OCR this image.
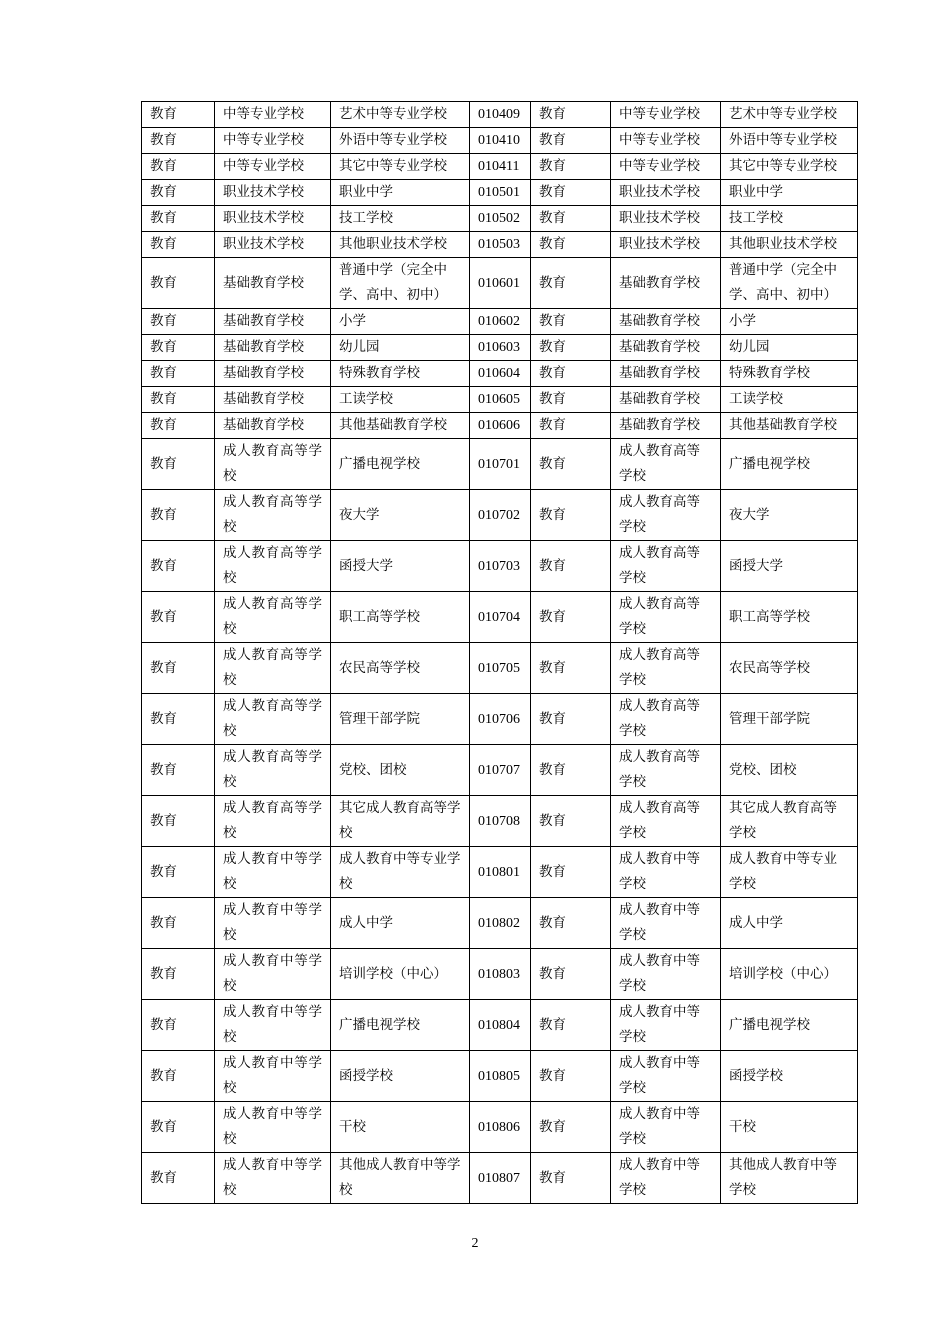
教育	中等专业学校	艺术中等专业学校	010409	教育	中等专业学校	艺术中等专业学校
教育	中等专业学校	外语中等专业学校	010410	教育	中等专业学校	外语中等专业学校
教育	中等专业学校	其它中等专业学校	010411	教育	中等专业学校	其它中等专业学校
教育	职业技术学校	职业中学	010501	教育	职业技术学校	职业中学
教育	职业技术学校	技工学校	010502	教育	职业技术学校	技工学校
教育	职业技术学校	其他职业技术学校	010503	教育	职业技术学校	其他职业技术学校
教育	基础教育学校	普通中学（完全中学、高中、初中）	010601	教育	基础教育学校	普通中学（完全中学、高中、初中）
教育	基础教育学校	小学	010602	教育	基础教育学校	小学
教育	基础教育学校	幼儿园	010603	教育	基础教育学校	幼儿园
教育	基础教育学校	特殊教育学校	010604	教育	基础教育学校	特殊教育学校
教育	基础教育学校	工读学校	010605	教育	基础教育学校	工读学校
教育	基础教育学校	其他基础教育学校	010606	教育	基础教育学校	其他基础教育学校
教育	成人教育高等学校	广播电视学校	010701	教育	成人教育高等学校	广播电视学校
教育	成人教育高等学校	夜大学	010702	教育	成人教育高等学校	夜大学
教育	成人教育高等学校	函授大学	010703	教育	成人教育高等学校	函授大学
教育	成人教育高等学校	职工高等学校	010704	教育	成人教育高等学校	职工高等学校
教育	成人教育高等学校	农民高等学校	010705	教育	成人教育高等学校	农民高等学校
教育	成人教育高等学校	管理干部学院	010706	教育	成人教育高等学校	管理干部学院
教育	成人教育高等学校	党校、团校	010707	教育	成人教育高等学校	党校、团校
教育	成人教育高等学校	其它成人教育高等学校	010708	教育	成人教育高等学校	其它成人教育高等学校
教育	成人教育中等学校	成人教育中等专业学校	010801	教育	成人教育中等学校	成人教育中等专业学校
教育	成人教育中等学校	成人中学	010802	教育	成人教育中等学校	成人中学
教育	成人教育中等学校	培训学校（中心）	010803	教育	成人教育中等学校	培训学校（中心）
教育	成人教育中等学校	广播电视学校	010804	教育	成人教育中等学校	广播电视学校
教育	成人教育中等学校	函授学校	010805	教育	成人教育中等学校	函授学校
教育	成人教育中等学校	干校	010806	教育	成人教育中等学校	干校
教育	成人教育中等学校	其他成人教育中等学校	010807	教育	成人教育中等学校	其他成人教育中等学校
2
